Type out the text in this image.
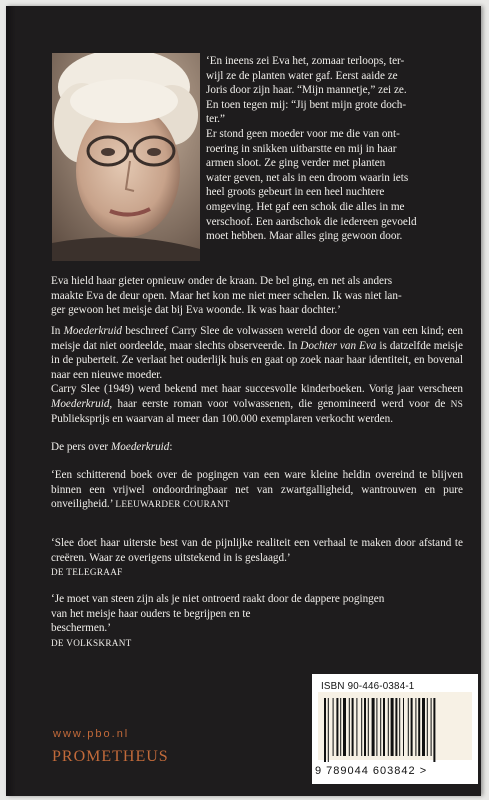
‘En ineens zei Eva het, zomaar terloops, ter-

wijl ze de planten water gaf. Eerst aaide ze

Joris door zijn haar. “Mijn mannetje,” zei ze.

En toen tegen mij: “Jij bent mijn grote doch-

ter.”

Er stond geen moeder voor me die van ont-

roering in snikken uitbarstte en mij in haar

armen sloot. Ze ging verder met planten

water geven, net als in een droom waarin iets

heel groots gebeurt in een heel nuchtere

omgeving. Het gaf een schok die alles in me

verschoof. Een aardschok die iedereen gevoeld

moet hebben. Maar alles ging gewoon door.

Eva hield haar gieter opnieuw onder de kraan. De bel ging, en net als anders

maakte Eva de deur open. Maar het kon me niet meer schelen. Ik was niet lan-

ger gewoon het meisje dat bij Eva woonde. Ik was haar dochter.’

In Moederkruid beschreef Carry Slee de volwassen wereld door de ogen van een kind; een meisje dat niet oordeelde, maar slechts observeerde. In Dochter van Eva is datzelfde meisje in de puberteit. Ze verlaat het ouderlijk huis en gaat op zoek naar haar identiteit, en bovenal naar een nieuwe moeder.

Carry Slee (1949) werd bekend met haar succesvolle kinderboeken. Vorig jaar verscheen Moederkruid, haar eerste roman voor volwassenen, die genomineerd werd voor de NS Publieksprijs en waarvan al meer dan 100.000 exemplaren verkocht werden.

De pers over Moederkruid:

‘Een schitterend boek over de pogingen van een ware kleine heldin overeind te blijven binnen een vrijwel ondoordringbaar net van zwartgalligheid, wantrouwen en pure onveiligheid.’ LEEUWARDER COURANT

‘Slee doet haar uiterste best van de pijnlijke realiteit een verhaal te maken door afstand te creëren. Waar ze overigens uitstekend in is geslaagd.’

DE TELEGRAAF

‘Je moet van steen zijn als je niet ontroerd raakt door de dappere pogingen

van het meisje haar ouders te begrijpen en te

beschermen.’

DE VOLKSKRANT

www.pbo.nl
PROMETHEUS
ISBN 90-446-0384-1
9 789044 603842 >
